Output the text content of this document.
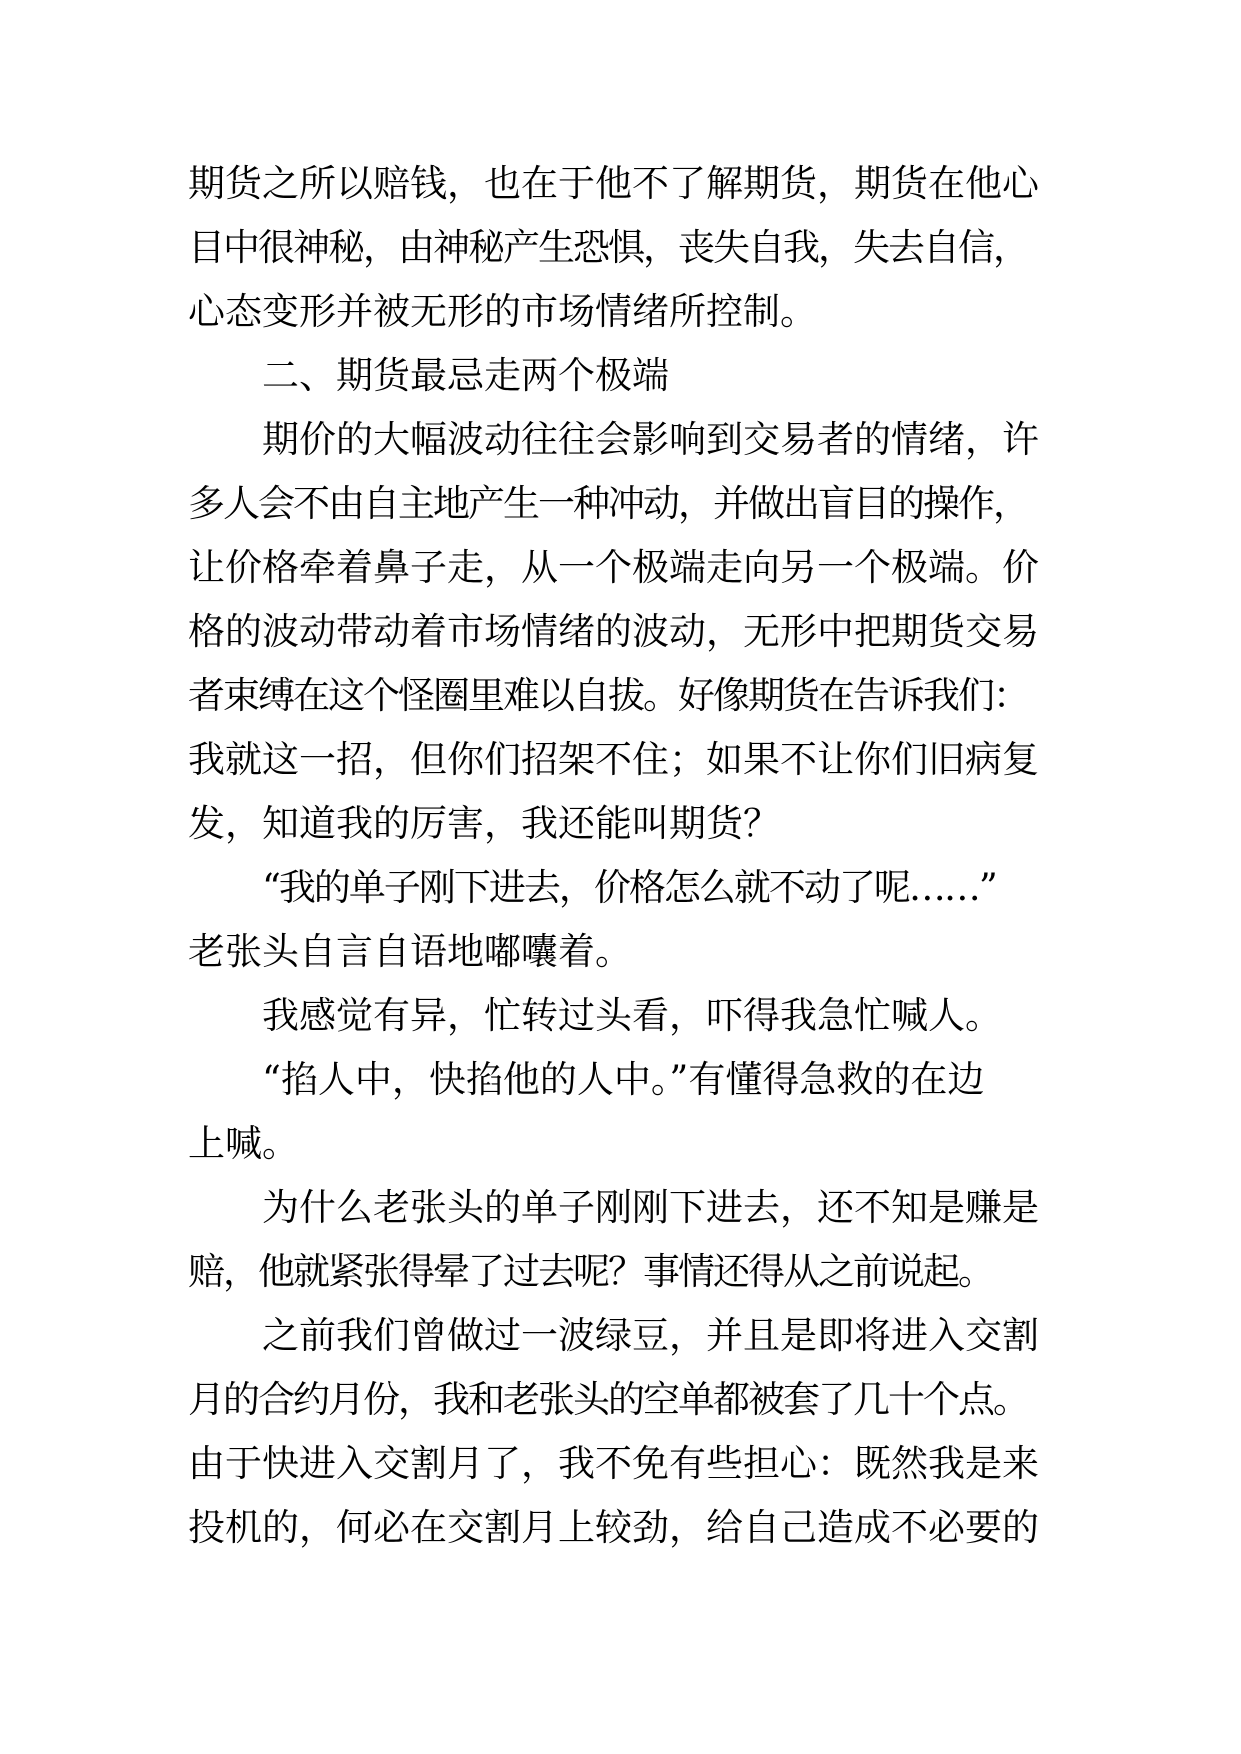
期货之所以赔钱，也在于他不了解期货，期货在他心
目中很神秘，由神秘产生恐惧，丧失自我，失去自信，
心态变形并被无形的市场情绪所控制。
二、期货最忌走两个极端
期价的大幅波动往往会影响到交易者的情绪，许
多人会不由自主地产生一种冲动，并做出盲目的操作，
让价格牵着鼻子走，从一个极端走向另一个极端。价
格的波动带动着市场情绪的波动，无形中把期货交易
者束缚在这个怪圈里难以自拔。好像期货在告诉我们：
我就这一招，但你们招架不住；如果不让你们旧病复
发，知道我的厉害，我还能叫期货？
“我的单子刚下进去，价格怎么就不动了呢……”
老张头自言自语地嘟囔着。
我感觉有异，忙转过头看，吓得我急忙喊人。
“掐人中，快掐他的人中。”有懂得急救的在边
上喊。
为什么老张头的单子刚刚下进去，还不知是赚是
赔，他就紧张得晕了过去呢？事情还得从之前说起。
之前我们曾做过一波绿豆，并且是即将进入交割
月的合约月份，我和老张头的空单都被套了几十个点。
由于快进入交割月了，我不免有些担心：既然我是来
投机的，何必在交割月上较劲，给自己造成不必要的
